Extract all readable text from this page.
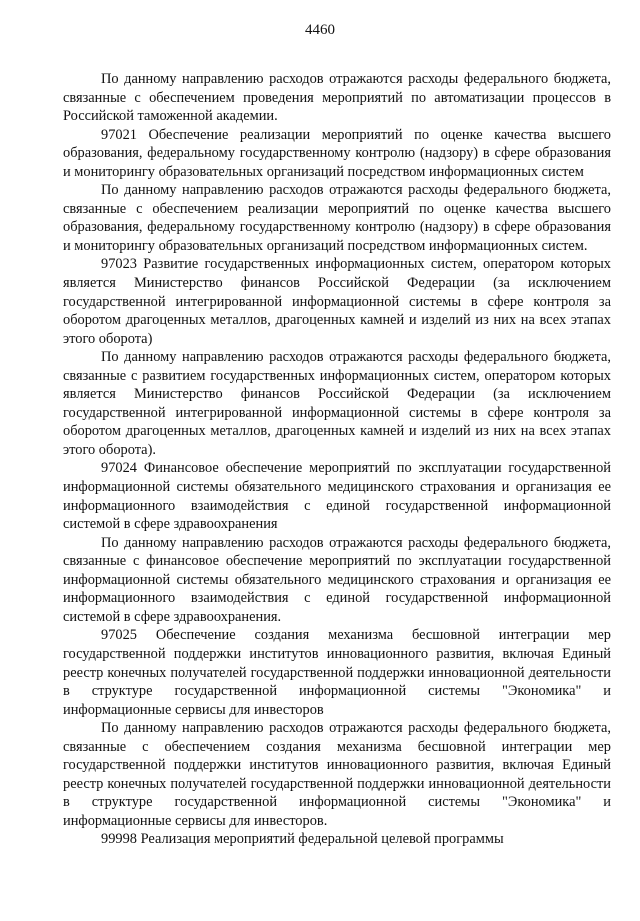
4460

По данному направлению расходов отражаются расходы федерального бюджета, связанные с обеспечением проведения мероприятий по автоматизации процессов в Российской таможенной академии.

97021 Обеспечение реализации мероприятий по оценке качества высшего образования, федеральному государственному контролю (надзору) в сфере образования и мониторингу образовательных организаций посредством информационных систем

По данному направлению расходов отражаются расходы федерального бюджета, связанные с обеспечением реализации мероприятий по оценке качества высшего образования, федеральному государственному контролю (надзору) в сфере образования и мониторингу образовательных организаций посредством информационных систем.

97023 Развитие государственных информационных систем, оператором которых является Министерство финансов Российской Федерации (за исключением государственной интегрированной информационной системы в сфере контроля за оборотом драгоценных металлов, драгоценных камней и изделий из них на всех этапах этого оборота)

По данному направлению расходов отражаются расходы федерального бюджета, связанные с развитием государственных информационных систем, оператором которых является Министерство финансов Российской Федерации (за исключением государственной интегрированной информационной системы в сфере контроля за оборотом драгоценных металлов, драгоценных камней и изделий из них на всех этапах этого оборота).

97024 Финансовое обеспечение мероприятий по эксплуатации государственной информационной системы обязательного медицинского страхования и организация ее информационного взаимодействия с единой государственной информационной системой в сфере здравоохранения

По данному направлению расходов отражаются расходы федерального бюджета, связанные с финансовое обеспечение мероприятий по эксплуатации государственной информационной системы обязательного медицинского страхования и организация ее информационного взаимодействия с единой государственной информационной системой в сфере здравоохранения.

97025 Обеспечение создания механизма бесшовной интеграции мер государственной поддержки институтов инновационного развития, включая Единый реестр конечных получателей государственной поддержки инновационной деятельности в структуре государственной информационной системы "Экономика" и информационные сервисы для инвесторов

По данному направлению расходов отражаются расходы федерального бюджета, связанные с обеспечением создания механизма бесшовной интеграции мер государственной поддержки институтов инновационного развития, включая Единый реестр конечных получателей государственной поддержки инновационной деятельности в структуре государственной информационной системы "Экономика" и информационные сервисы для инвесторов.

99998 Реализация мероприятий федеральной целевой программы
